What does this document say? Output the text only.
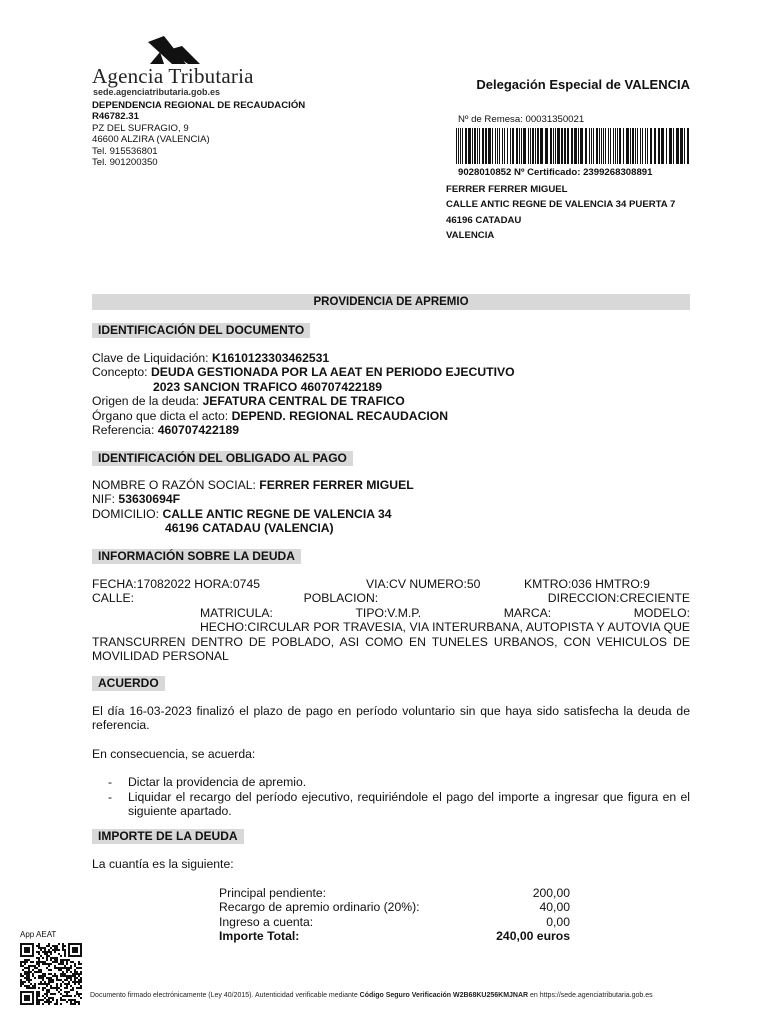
Agencia Tributaria
sede.agenciatributaria.gob.es	Delegación Especial de VALENCIA
DEPENDENCIA REGIONAL DE RECAUDACIÓN
R46782.31
PZ DEL SUFRAGIO, 9
46600 ALZIRA (VALENCIA)
Tel. 915536801
Tel. 901200350
Nº de Remesa: 00031350021
9028010852 Nº Certificado: 2399268308891
FERRER FERRER MIGUEL
CALLE ANTIC REGNE DE VALENCIA 34 PUERTA 7
46196 CATADAU
VALENCIA
PROVIDENCIA DE APREMIO
IDENTIFICACIÓN DEL DOCUMENTO
Clave de Liquidación: K1610123303462531
Concepto: DEUDA GESTIONADA POR LA AEAT EN PERIODO EJECUTIVO
2023 SANCION TRAFICO 460707422189
Origen de la deuda: JEFATURA CENTRAL DE TRAFICO
Órgano que dicta el acto: DEPEND. REGIONAL RECAUDACION
Referencia: 460707422189
IDENTIFICACIÓN DEL OBLIGADO AL PAGO
NOMBRE O RAZÓN SOCIAL: FERRER FERRER MIGUEL
NIF: 53630694F
DOMICILIO: CALLE ANTIC REGNE DE VALENCIA 34
46196 CATADAU (VALENCIA)
INFORMACIÓN SOBRE LA DEUDA
FECHA:17082022 HORA:0745	VIA:CV NUMERO:50	KMTRO:036 HMTRO:9
CALLE:	POBLACION:	DIRECCION:CRECIENTE
MATRICULA:	TIPO:V.M.P.	MARCA:	MODELO:
HECHO:CIRCULAR POR TRAVESIA, VIA INTERURBANA, AUTOPISTA Y AUTOVIA QUE TRANSCURREN DENTRO DE POBLADO, ASI COMO EN TUNELES URBANOS, CON VEHICULOS DE MOVILIDAD PERSONAL
ACUERDO
El día 16-03-2023 finalizó el plazo de pago en período voluntario sin que haya sido satisfecha la deuda de referencia.
En consecuencia, se acuerda:
- Dictar la providencia de apremio.
- Liquidar el recargo del período ejecutivo, requiriéndole el pago del importe a ingresar que figura en el siguiente apartado.
IMPORTE DE LA DEUDA
La cuantía es la siguiente:
Principal pendiente:	200,00
Recargo de apremio ordinario (20%):	40,00
Ingreso a cuenta:	0,00
Importe Total:	240,00 euros
App AEAT
Documento firmado electrónicamente (Ley 40/2015). Autenticidad verificable mediante Código Seguro Verificación W2B68KU256KMJNAR en https://sede.agenciatributaria.gob.es
